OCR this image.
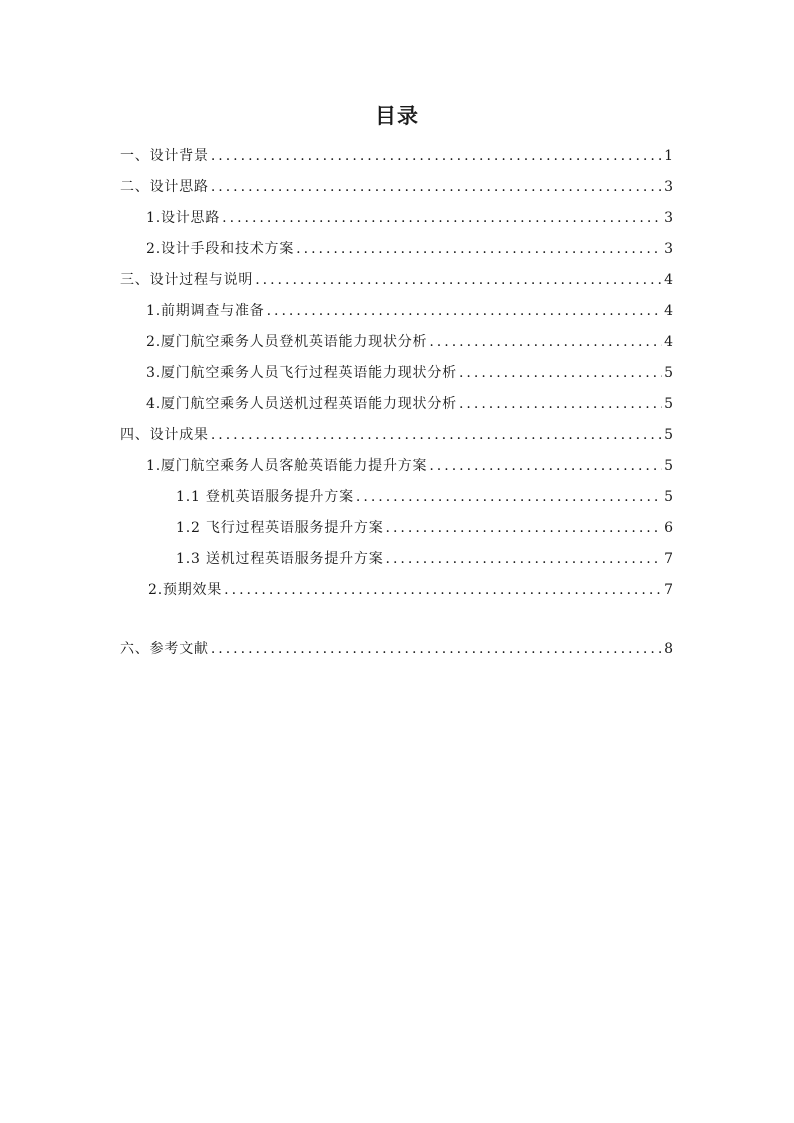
目录
一、设计背景 .....	1
二、设计思路 .....	3
1.设计思路 .....	3
2.设计手段和技术方案 .....	3
三、设计过程与说明 .....	4
1.前期调查与准备 .....	4
2.厦门航空乘务人员登机英语能力现状分析 .....	4
3.厦门航空乘务人员飞行过程英语能力现状分析 .....	5
4.厦门航空乘务人员送机过程英语能力现状分析 .....	5
四、设计成果 .....	5
1.厦门航空乘务人员客舱英语能力提升方案 .....	5
1.1 登机英语服务提升方案 .....	5
1.2 飞行过程英语服务提升方案 .....	6
1.3 送机过程英语服务提升方案 .....	7
2.预期效果 .....	7
六、参考文献 .....	8
